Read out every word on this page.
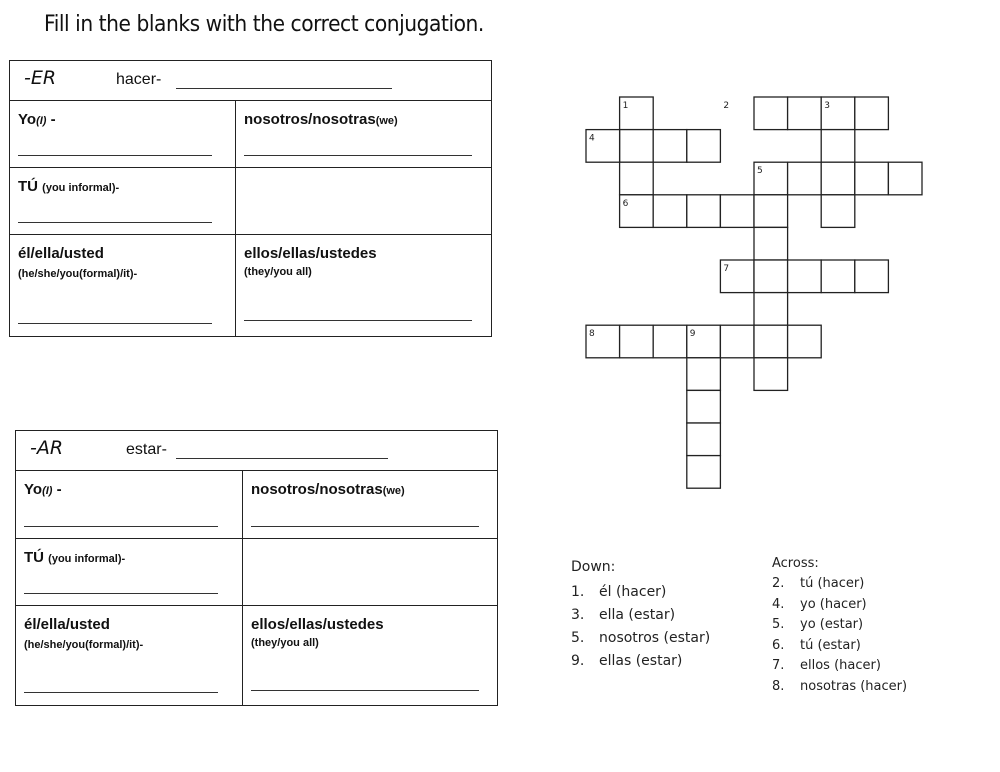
Fill in the blanks with the correct conjugation.
-ER hacer-	

Yo(I) -	nosotros/nosotras(we)

TÚ (you informal)-	

él/ella/usted
(he/she/you(formal)/it)-	ellos/ellas/ustedes
(they/you all)
-AR estar-	

Yo(I) -	nosotros/nosotras(we)

TÚ (you informal)-	

él/ella/usted
(he/she/you(formal)/it)-	ellos/ellas/ustedes
(they/you all)
1	2	3
4
5
6
7
8	9
Down:
1. él (hacer)
3. ella (estar)
5. nosotros (estar)
9. ellas (estar)
Across:
2. tú (hacer)
4. yo (hacer)
5. yo (estar)
6. tú (estar)
7. ellos (hacer)
8. nosotras (hacer)
